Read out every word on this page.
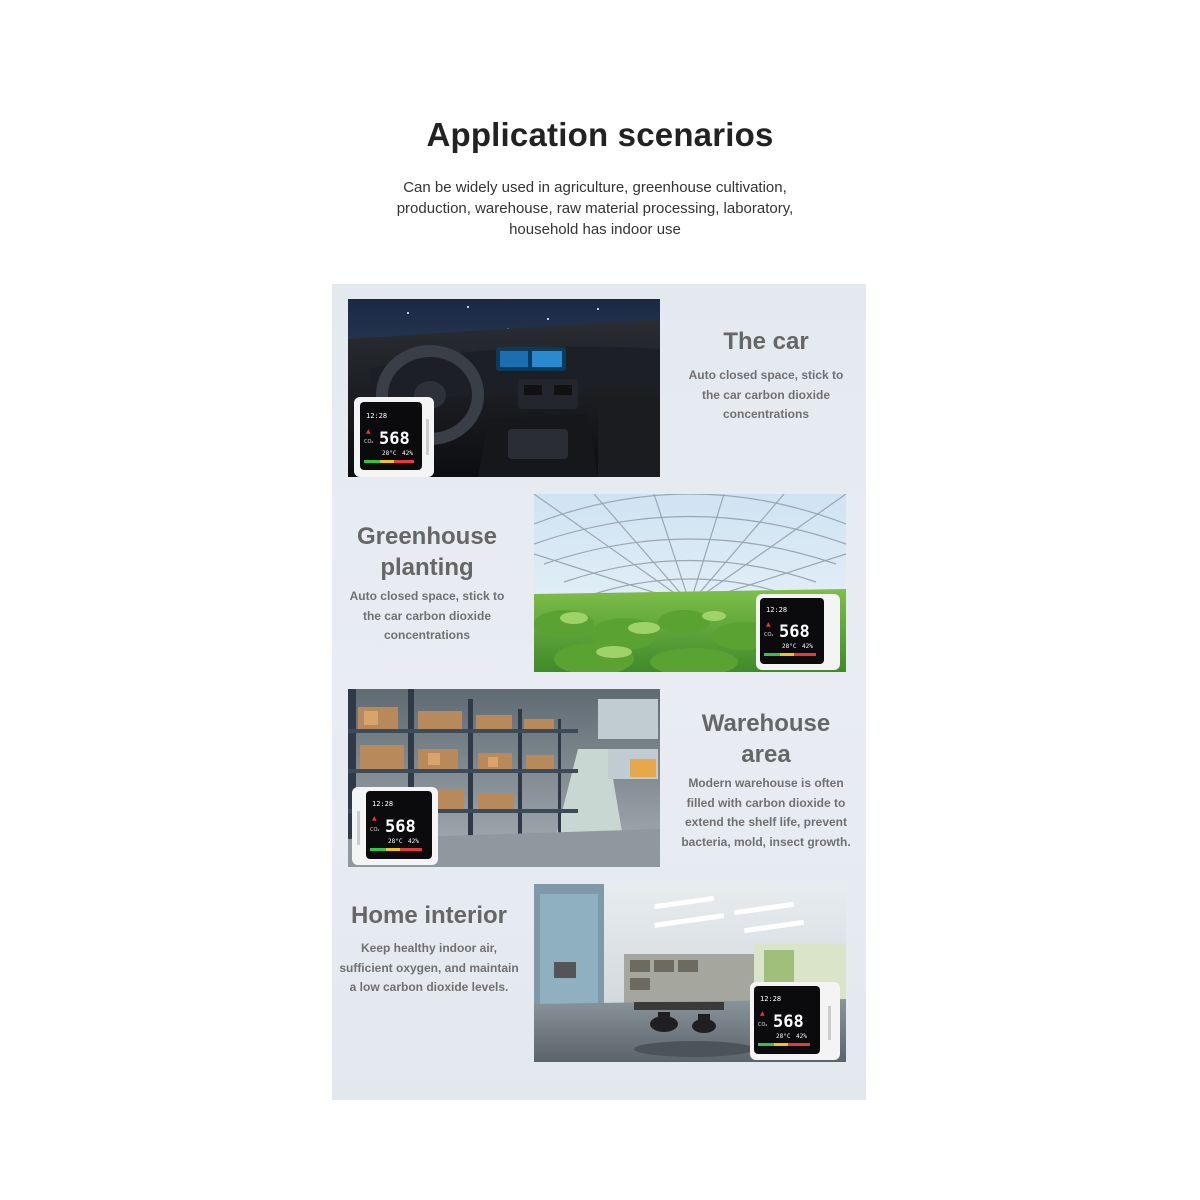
Application scenarios

Can be widely used in agriculture, greenhouse cultivation, production, warehouse, raw material processing, laboratory, household has indoor use

12:28
▲
CO₂ 568
28°C 42%
The car
Auto closed space, stick to the car carbon dioxide concentrations
Greenhouse planting
Auto closed space, stick to the car carbon dioxide concentrations
12:28
▲
CO₂ 568
28°C 42%
12:28
▲
CO₂ 568
28°C 42%
Warehouse area
Modern warehouse is often filled with carbon dioxide to extend the shelf life, prevent bacteria, mold, insect growth.
Home interior
Keep healthy indoor air, sufficient oxygen, and maintain a low carbon dioxide levels.
12:28
▲
CO₂ 568
28°C 42%
